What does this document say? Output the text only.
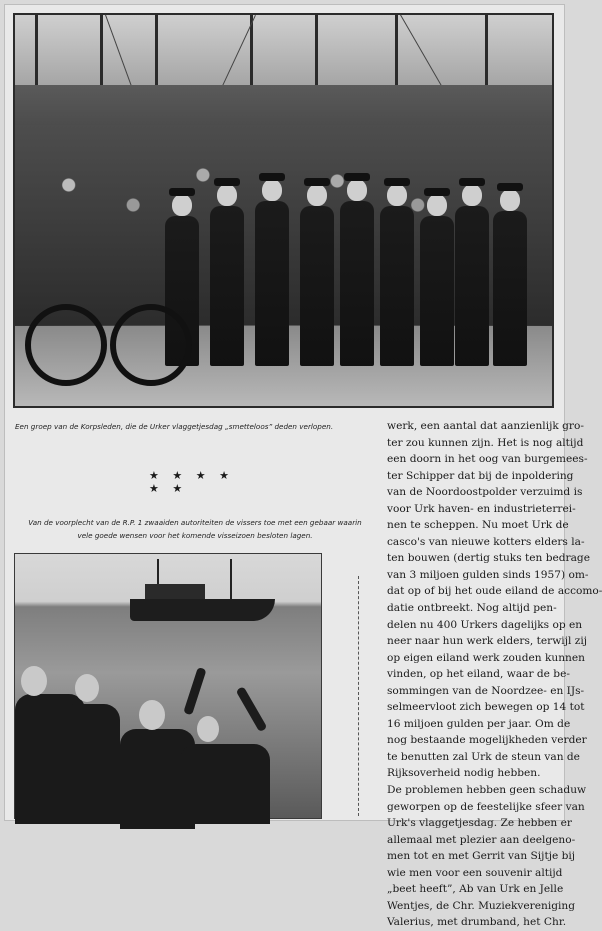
Een groep van de Korpsleden, die de Urker vlaggetjesdag „smetteloos” deden verlopen.
★ ★ ★ ★ ★ ★
Van de voorplecht van de R.P. 1 zwaaiden autoriteiten de vissers toe met een gebaar waarin
vele goede wensen voor het komende visseizoen besloten lagen.
werk, een aantal dat aanzienlijk gro-
ter zou kunnen zijn. Het is nog altijd
een doorn in het oog van burgemees-
ter Schipper dat bij de inpoldering
van de Noordoostpolder verzuimd is
voor Urk haven- en industrieterrei-
nen te scheppen. Nu moet Urk de
casco's van nieuwe kotters elders la-
ten bouwen (dertig stuks ten bedrage
van 3 miljoen gulden sinds 1957) om-
dat op of bij het oude eiland de accomo-
datie ontbreekt. Nog altijd pen-
delen nu 400 Urkers dagelijks op en
neer naar hun werk elders, terwijl zij
op eigen eiland werk zouden kunnen
vinden, op het eiland, waar de be-
sommingen van de Noordzee- en IJs-
selmeervloot zich bewegen op 14 tot
16 miljoen gulden per jaar. Om de
nog bestaande mogelijkheden verder
te benutten zal Urk de steun van de
Rijksoverheid nodig hebben.
De problemen hebben geen schaduw
geworpen op de feestelijke sfeer van
Urk's vlaggetjesdag. Ze hebben er
allemaal met plezier aan deelgeno-
men tot en met Gerrit van Sijtje bij
wie men voor een souvenir altijd
„beet heeft”, Ab van Urk en Jelle
Wentjes, de Chr. Muziekvereniging
Valerius, met drumband, het Chr.
